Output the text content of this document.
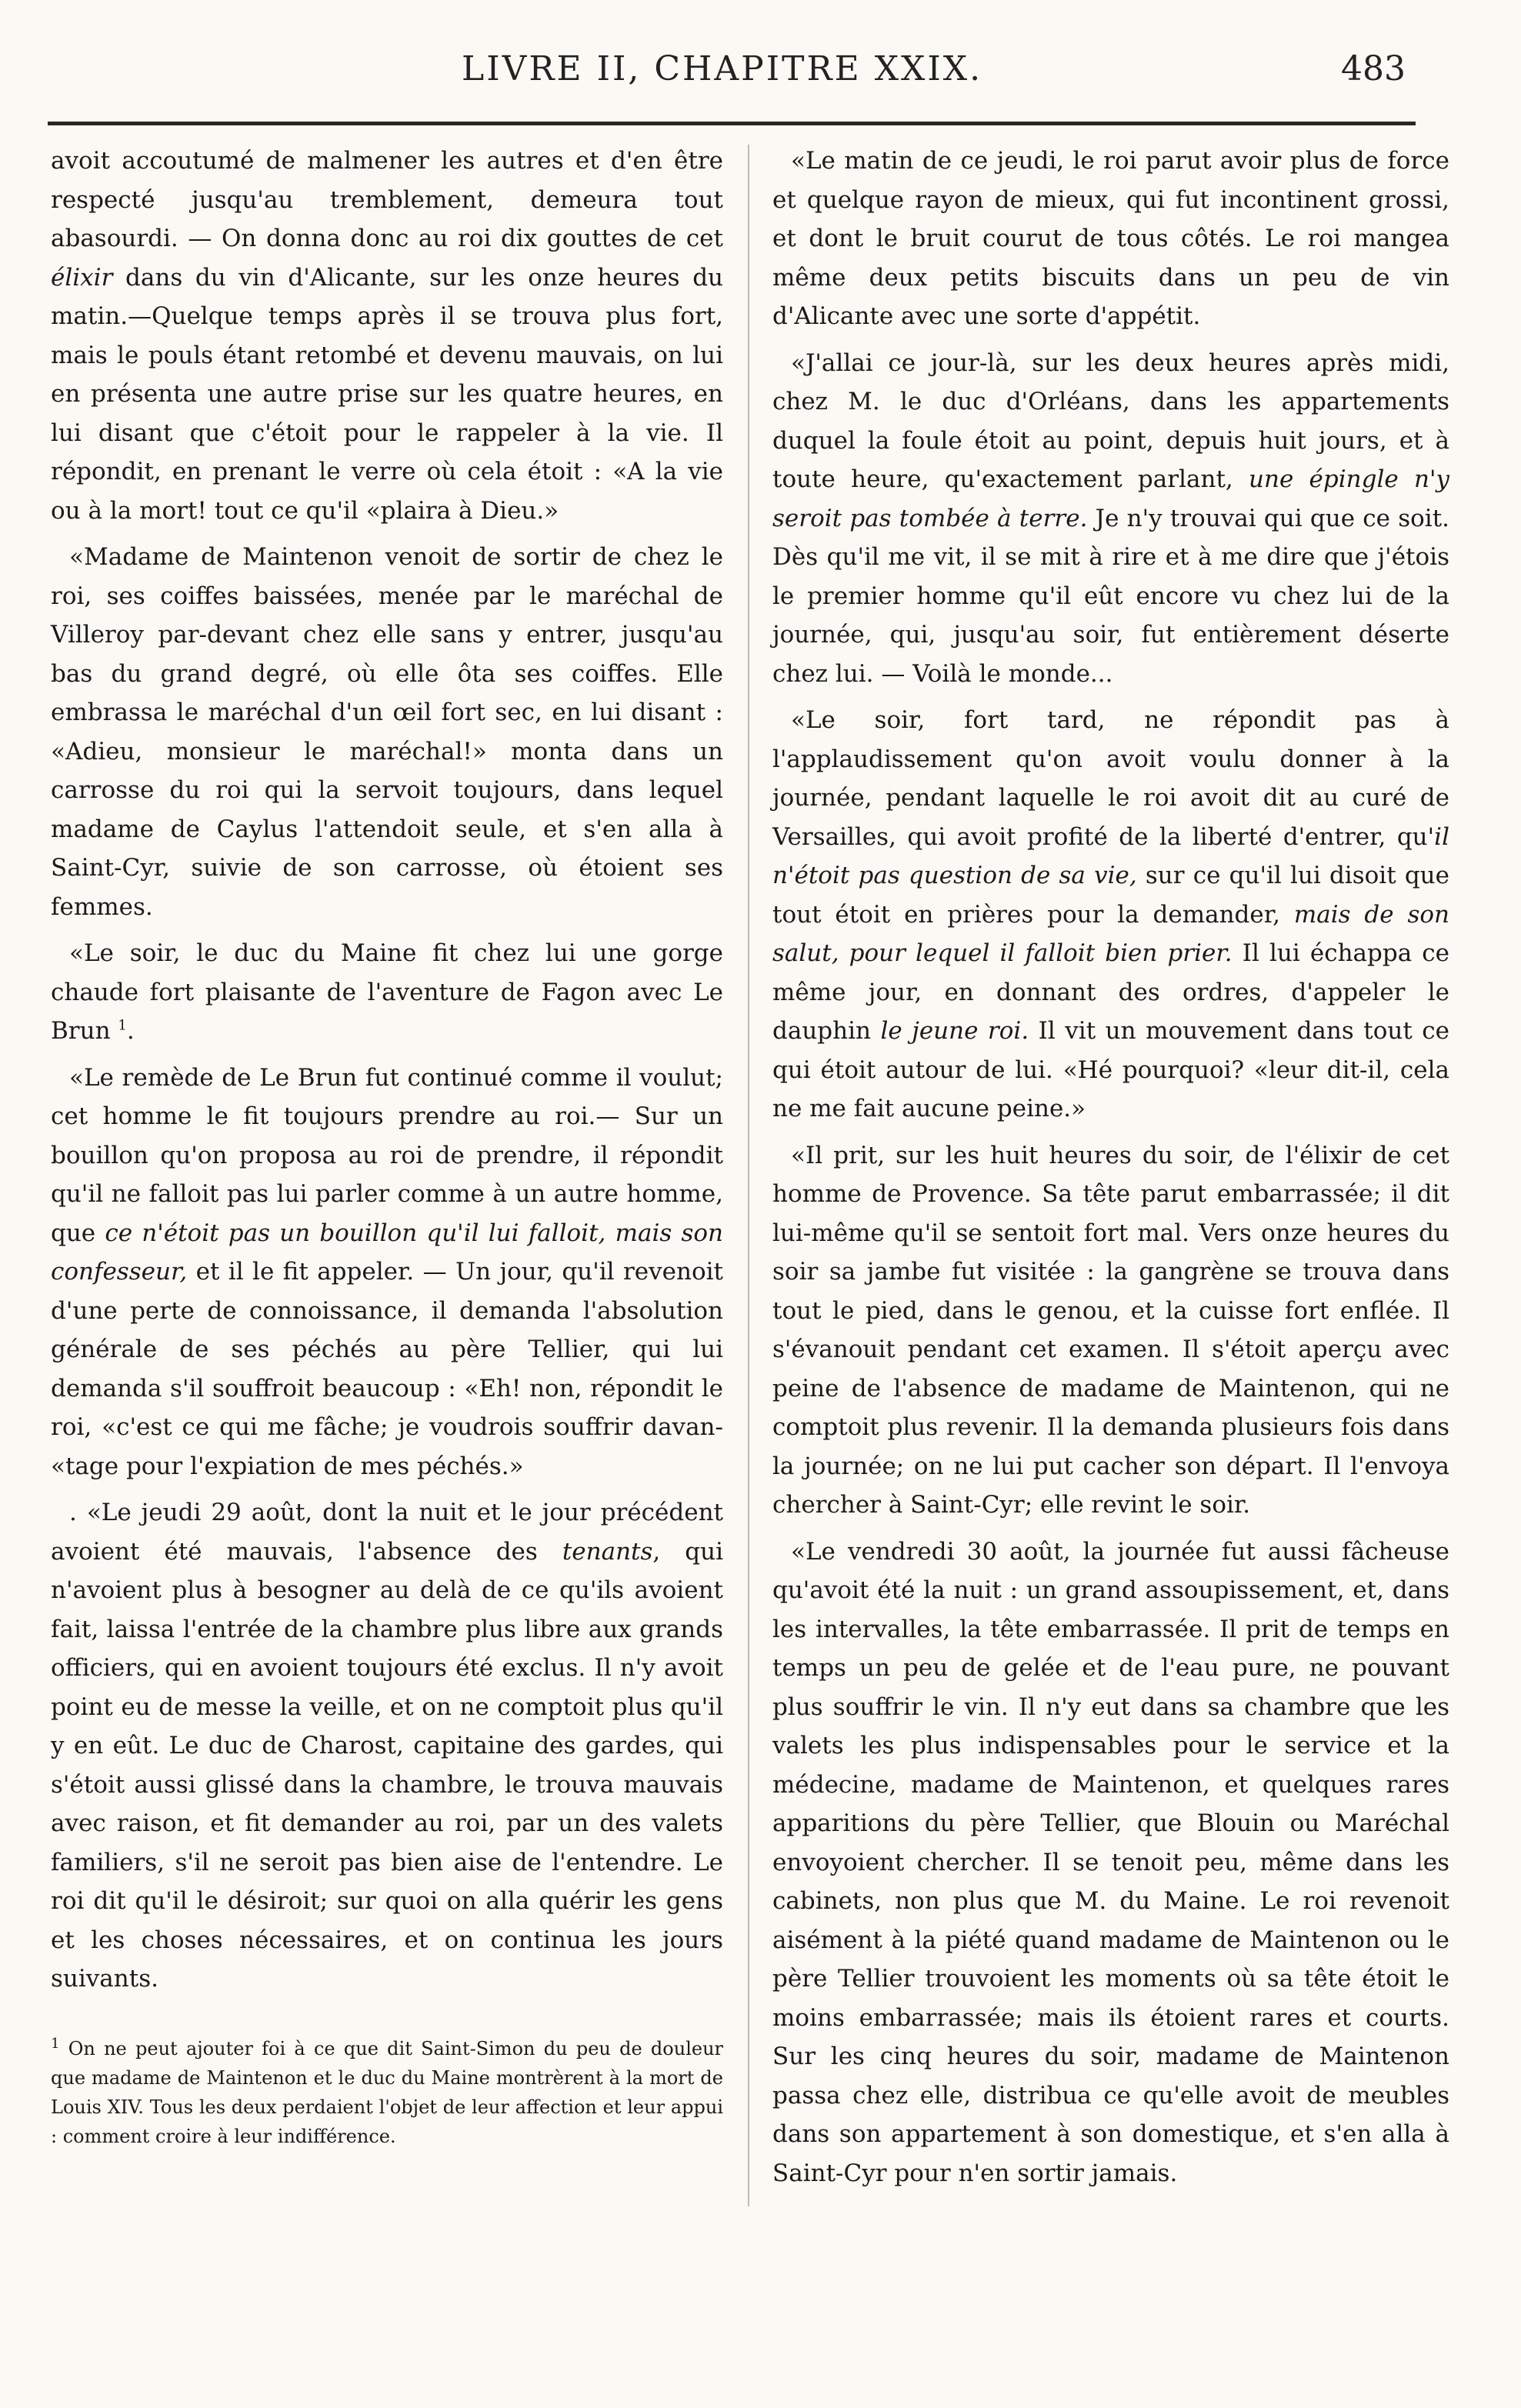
LIVRE II, CHAPITRE XXIX.	483

avoit accoutumé de malmener les autres et d'en être respecté jusqu'au tremblement, demeura tout abasourdi. — On donna donc au roi dix gouttes de cet élixir dans du vin d'Alicante, sur les onze heures du matin.—Quelque temps après il se trouva plus fort, mais le pouls étant retombé et devenu mauvais, on lui en présenta une autre prise sur les quatre heures, en lui disant que c'étoit pour le rappeler à la vie. Il répondit, en prenant le verre où cela étoit : «A la vie ou à la mort! tout ce qu'il «plaira à Dieu.»

«Madame de Maintenon venoit de sortir de chez le roi, ses coiffes baissées, menée par le maréchal de Villeroy par-devant chez elle sans y entrer, jusqu'au bas du grand degré, où elle ôta ses coiffes. Elle embrassa le maréchal d'un œil fort sec, en lui disant : «Adieu, monsieur le maréchal!» monta dans un carrosse du roi qui la servoit toujours, dans lequel madame de Caylus l'attendoit seule, et s'en alla à Saint-Cyr, suivie de son carrosse, où étoient ses femmes.

«Le soir, le duc du Maine fit chez lui une gorge chaude fort plaisante de l'aventure de Fagon avec Le Brun $^1$.

«Le remède de Le Brun fut continué comme il voulut; cet homme le fit toujours prendre au roi.— Sur un bouillon qu'on proposa au roi de prendre, il répondit qu'il ne falloit pas lui parler comme à un autre homme, que ce n'étoit pas un bouillon qu'il lui falloit, mais son confesseur, et il le fit appeler. — Un jour, qu'il revenoit d'une perte de connoissance, il demanda l'absolution générale de ses péchés au père Tellier, qui lui demanda s'il souffroit beaucoup : «Eh! non, répondit le roi, «c'est ce qui me fâche; je voudrois souffrir davan- «tage pour l'expiation de mes péchés.»

. «Le jeudi 29 août, dont la nuit et le jour précédent avoient été mauvais, l'absence des tenants, qui n'avoient plus à besogner au delà de ce qu'ils avoient fait, laissa l'entrée de la chambre plus libre aux grands officiers, qui en avoient toujours été exclus. Il n'y avoit point eu de messe la veille, et on ne comptoit plus qu'il y en eût. Le duc de Charost, capitaine des gardes, qui s'étoit aussi glissé dans la chambre, le trouva mauvais avec raison, et fit demander au roi, par un des valets familiers, s'il ne seroit pas bien aise de l'entendre. Le roi dit qu'il le désiroit; sur quoi on alla quérir les gens et les choses nécessaires, et on continua les jours suivants.

$^1$ On ne peut ajouter foi à ce que dit Saint-Simon du peu de douleur que madame de Maintenon et le duc du Maine montrèrent à la mort de Louis XIV. Tous les deux perdaient l'objet de leur affection et leur appui : comment croire à leur indifférence.

«Le matin de ce jeudi, le roi parut avoir plus de force et quelque rayon de mieux, qui fut incontinent grossi, et dont le bruit courut de tous côtés. Le roi mangea même deux petits biscuits dans un peu de vin d'Alicante avec une sorte d'appétit.

«J'allai ce jour-là, sur les deux heures après midi, chez M. le duc d'Orléans, dans les appartements duquel la foule étoit au point, depuis huit jours, et à toute heure, qu'exactement parlant, une épingle n'y seroit pas tombée à terre. Je n'y trouvai qui que ce soit. Dès qu'il me vit, il se mit à rire et à me dire que j'étois le premier homme qu'il eût encore vu chez lui de la journée, qui, jusqu'au soir, fut entièrement déserte chez lui. — Voilà le monde...

«Le soir, fort tard, ne répondit pas à l'applaudissement qu'on avoit voulu donner à la journée, pendant laquelle le roi avoit dit au curé de Versailles, qui avoit profité de la liberté d'entrer, qu'il n'étoit pas question de sa vie, sur ce qu'il lui disoit que tout étoit en prières pour la demander, mais de son salut, pour lequel il falloit bien prier. Il lui échappa ce même jour, en donnant des ordres, d'appeler le dauphin le jeune roi. Il vit un mouvement dans tout ce qui étoit autour de lui. «Hé pourquoi? «leur dit-il, cela ne me fait aucune peine.»

«Il prit, sur les huit heures du soir, de l'élixir de cet homme de Provence. Sa tête parut embarrassée; il dit lui-même qu'il se sentoit fort mal. Vers onze heures du soir sa jambe fut visitée : la gangrène se trouva dans tout le pied, dans le genou, et la cuisse fort enflée. Il s'évanouit pendant cet examen. Il s'étoit aperçu avec peine de l'absence de madame de Maintenon, qui ne comptoit plus revenir. Il la demanda plusieurs fois dans la journée; on ne lui put cacher son départ. Il l'envoya chercher à Saint-Cyr; elle revint le soir.

«Le vendredi 30 août, la journée fut aussi fâcheuse qu'avoit été la nuit : un grand assoupissement, et, dans les intervalles, la tête embarrassée. Il prit de temps en temps un peu de gelée et de l'eau pure, ne pouvant plus souffrir le vin. Il n'y eut dans sa chambre que les valets les plus indispensables pour le service et la médecine, madame de Maintenon, et quelques rares apparitions du père Tellier, que Blouin ou Maréchal envoyoient chercher. Il se tenoit peu, même dans les cabinets, non plus que M. du Maine. Le roi revenoit aisément à la piété quand madame de Maintenon ou le père Tellier trouvoient les moments où sa tête étoit le moins embarrassée; mais ils étoient rares et courts. Sur les cinq heures du soir, madame de Maintenon passa chez elle, distribua ce qu'elle avoit de meubles dans son appartement à son domestique, et s'en alla à Saint-Cyr pour n'en sortir jamais.
